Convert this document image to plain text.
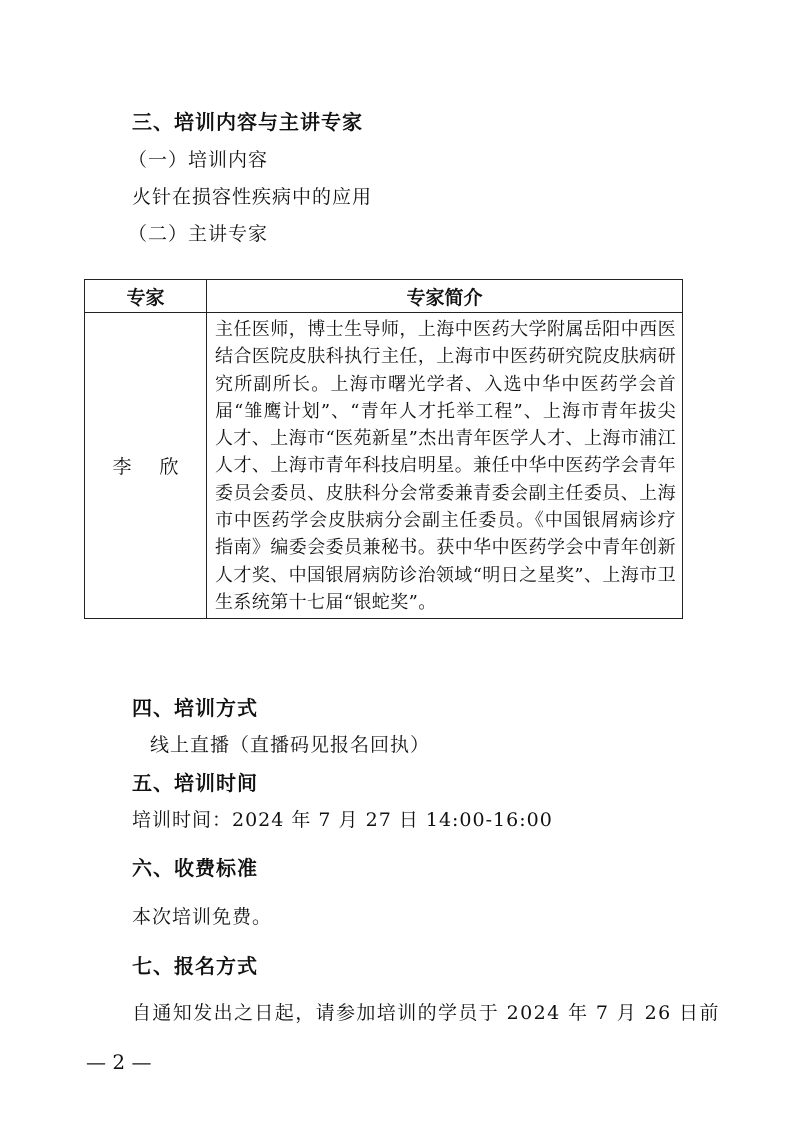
三、培训内容与主讲专家
（一）培训内容
火针在损容性疾病中的应用
（二）主讲专家
专家	专家简介
李 欣	主任医师，博士生导师，上海中医药大学附属岳阳中西医结合医院皮肤科执行主任，上海市中医药研究院皮肤病研究所副所长。上海市曙光学者、入选中华中医药学会首届“雏鹰计划”、“青年人才托举工程”、上海市青年拔尖人才、上海市“医苑新星”杰出青年医学人才、上海市浦江人才、上海市青年科技启明星。兼任中华中医药学会青年委员会委员、皮肤科分会常委兼青委会副主任委员、上海市中医药学会皮肤病分会副主任委员。《中国银屑病诊疗指南》编委会委员兼秘书。获中华中医药学会中青年创新人才奖、中国银屑病防诊治领域“明日之星奖”、上海市卫生系统第十七届“银蛇奖”。
四、培训方式
线上直播（直播码见报名回执）
五、培训时间
培训时间：2024 年 7 月 27 日 14:00-16:00
六、收费标准
本次培训免费。
七、报名方式
自通知发出之日起，请参加培训的学员于 2024 年 7 月 26 日前
— 2 —
